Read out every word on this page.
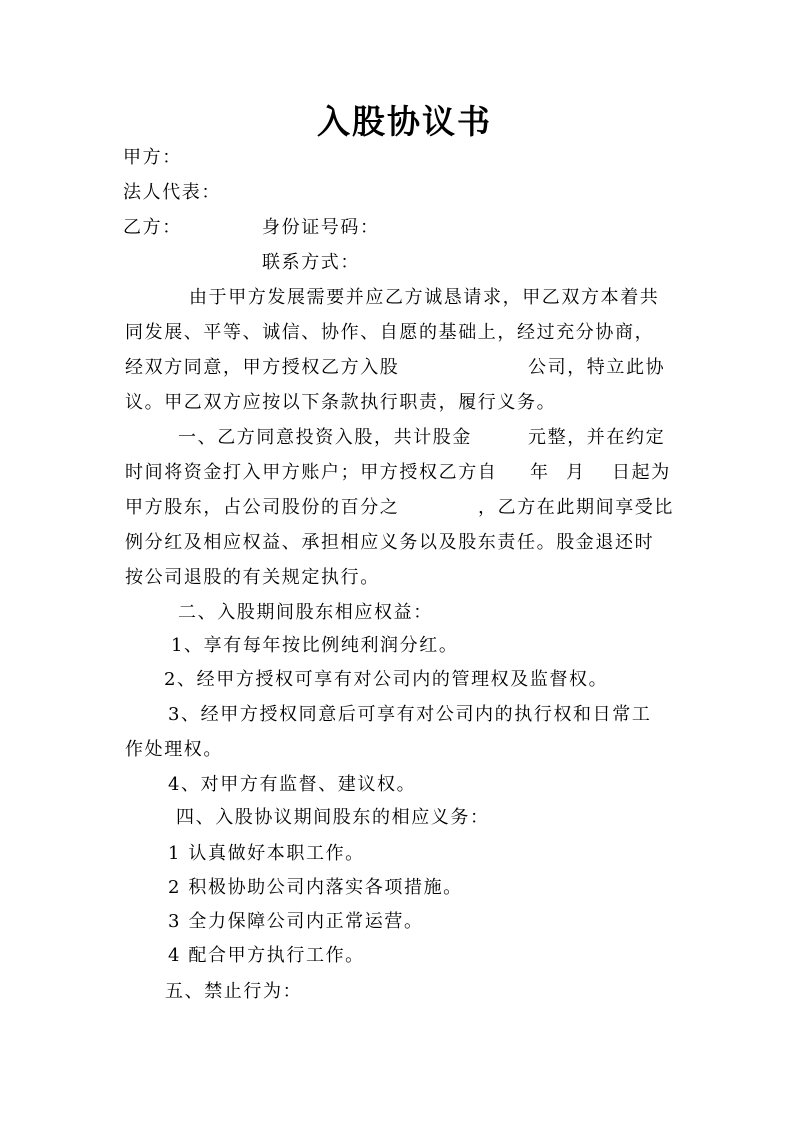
入股协议书
甲方：
法人代表：
乙方：	身份证号码：
联系方式：
由于甲方发展需要并应乙方诚恳请求，甲乙双方本着共
同发展、平等、诚信、协作、自愿的基础上，经过充分协商，
经双方同意，甲方授权乙方入股	公司，特立此协
议。甲乙双方应按以下条款执行职责，履行义务。
一、乙方同意投资入股，共计股金	元整，并在约定
时间将资金打入甲方账户；甲方授权乙方自 年 月 日起为
甲方股东，占公司股份的百分之	，乙方在此期间享受比
例分红及相应权益、承担相应义务以及股东责任。股金退还时
按公司退股的有关规定执行。
二、入股期间股东相应权益：
1、享有每年按比例纯利润分红。
2、经甲方授权可享有对公司内的管理权及监督权。
3、经甲方授权同意后可享有对公司内的执行权和日常工
作处理权。
4、对甲方有监督、建议权。
四、入股协议期间股东的相应义务：
1 认真做好本职工作。
2 积极协助公司内落实各项措施。
3 全力保障公司内正常运营。
4 配合甲方执行工作。
五、禁止行为：
